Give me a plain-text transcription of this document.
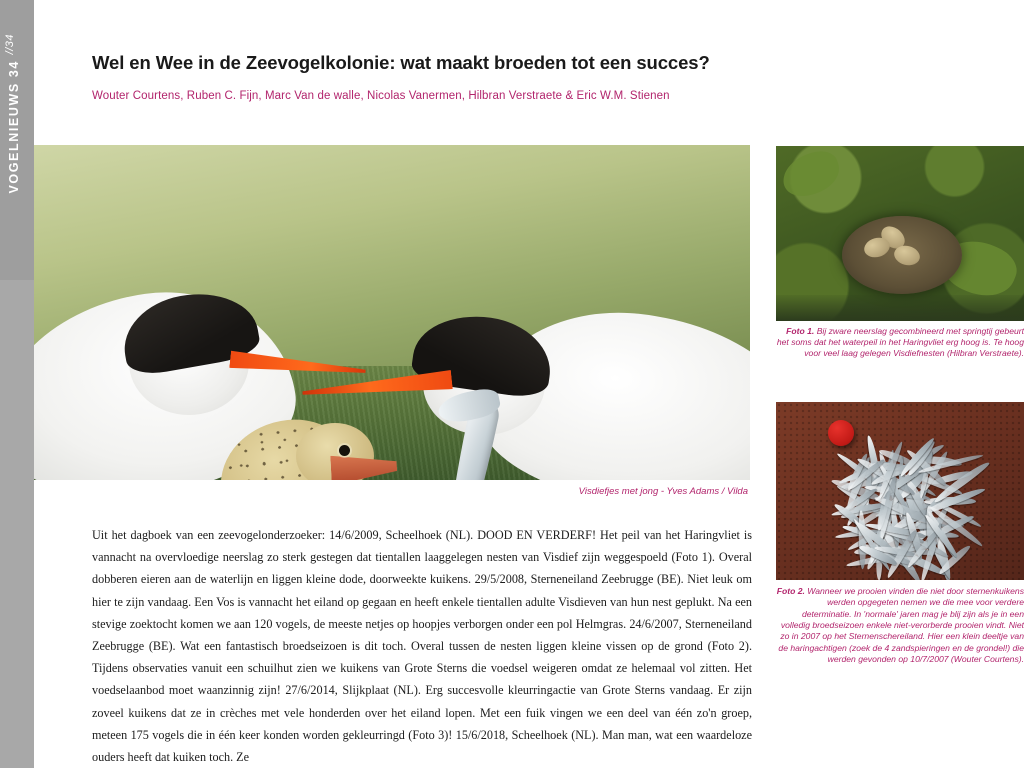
//34
VOGELNIEUWS 34	Wel en Wee in de Zeevogelkolonie: wat maakt broeden tot een succes?
Wouter Courtens, Ruben C. Fijn, Marc Van de walle, Nicolas Vanermen, Hilbran Verstraete & Eric W.M. Stienen
Visdiefjes met jong - Yves Adams / Vilda
Foto 1. Bij zware neerslag gecombineerd met springtij gebeurt het soms dat het waterpeil in het Haringvliet erg hoog is. Te hoog voor veel laag gelegen Visdiefnesten (Hilbran Verstraete).
Foto 2. Wanneer we prooien vinden die niet door sternenkuikens werden opgegeten nemen we die mee voor verdere determinatie. In 'normale' jaren mag je blij zijn als je in een volledig broedseizoen enkele niet-verorberde prooien vindt. Niet zo in 2007 op het Sternenschereiland. Hier een klein deeltje van de haringachtigen (zoek de 4 zandspieringen en de grondel!) die werden gevonden op 10/7/2007 (Wouter Courtens).
Uit het dagboek van een zeevogelonderzoeker: 14/6/2009, Scheelhoek (NL). DOOD EN VERDERF! Het peil van het Haringvliet is vannacht na overvloedige neerslag zo sterk gestegen dat tientallen laaggelegen nesten van Visdief zijn weggespoeld (Foto 1). Overal dobberen eieren aan de waterlijn en liggen kleine dode, doorweekte kuikens. 29/5/2008, Sterneneiland Zeebrugge (BE). Niet leuk om hier te zijn vandaag. Een Vos is vannacht het eiland op gegaan en heeft enkele tientallen adulte Visdieven van hun nest geplukt. Na een stevige zoektocht komen we aan 120 vogels, de meeste netjes op hoopjes verborgen onder een pol Helmgras. 24/6/2007, Sterneneiland Zeebrugge (BE). Wat een fantastisch broedseizoen is dit toch. Overal tussen de nesten liggen kleine vissen op de grond (Foto 2). Tijdens observaties vanuit een schuilhut zien we kuikens van Grote Sterns die voedsel weigeren omdat ze helemaal vol zitten. Het voedselaanbod moet waanzinnig zijn! 27/6/2014, Slijkplaat (NL). Erg succesvolle kleurringactie van Grote Sterns vandaag. Er zijn zoveel kuikens dat ze in crèches met vele honderden over het eiland lopen. Met een fuik vingen we een deel van één zo'n groep, meteen 175 vogels die in één keer konden worden gekleurringd (Foto 3)! 15/6/2018, Scheelhoek (NL). Man man, wat een waardeloze ouders heeft dat kuiken toch. Ze
